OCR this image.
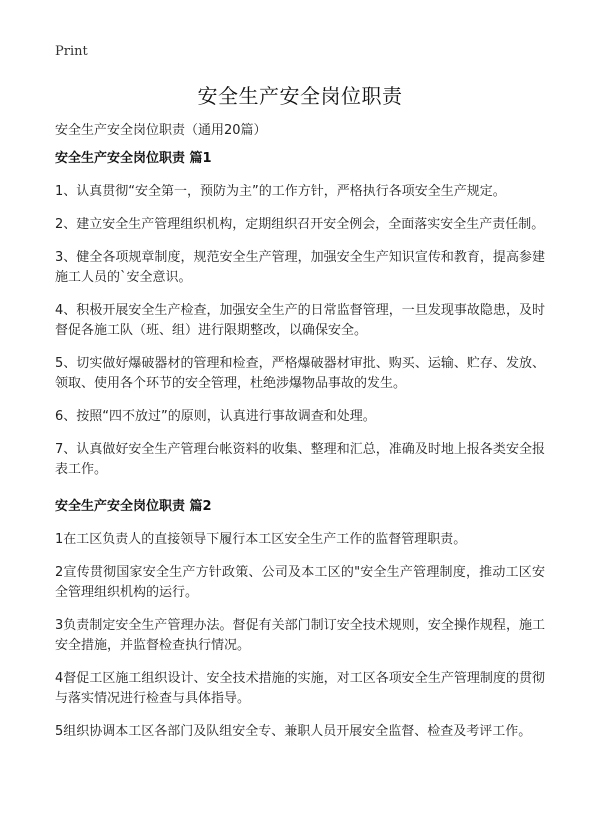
Print
安全生产安全岗位职责
安全生产安全岗位职责（通用20篇）
安全生产安全岗位职责 篇1

1、认真贯彻“安全第一，预防为主”的工作方针，严格执行各项安全生产规定。

2、建立安全生产管理组织机构，定期组织召开安全例会，全面落实安全生产责任制。

3、健全各项规章制度，规范安全生产管理，加强安全生产知识宣传和教育，提高参建施工人员的`安全意识。

4、积极开展安全生产检查，加强安全生产的日常监督管理，一旦发现事故隐患，及时督促各施工队（班、组）进行限期整改，以确保安全。

5、切实做好爆破器材的管理和检查，严格爆破器材审批、购买、运输、贮存、发放、领取、使用各个环节的安全管理，杜绝涉爆物品事故的发生。

6、按照“四不放过”的原则，认真进行事故调查和处理。

7、认真做好安全生产管理台帐资料的收集、整理和汇总，准确及时地上报各类安全报表工作。

安全生产安全岗位职责 篇2

1在工区负责人的直接领导下履行本工区安全生产工作的监督管理职责。

2宣传贯彻国家安全生产方针政策、公司及本工区的"安全生产管理制度，推动工区安全管理组织机构的运行。

3负责制定安全生产管理办法。督促有关部门制订安全技术规则，安全操作规程，施工安全措施，并监督检查执行情况。

4督促工区施工组织设计、安全技术措施的实施，对工区各项安全生产管理制度的贯彻与落实情况进行检查与具体指导。

5组织协调本工区各部门及队组安全专、兼职人员开展安全监督、检查及考评工作。
